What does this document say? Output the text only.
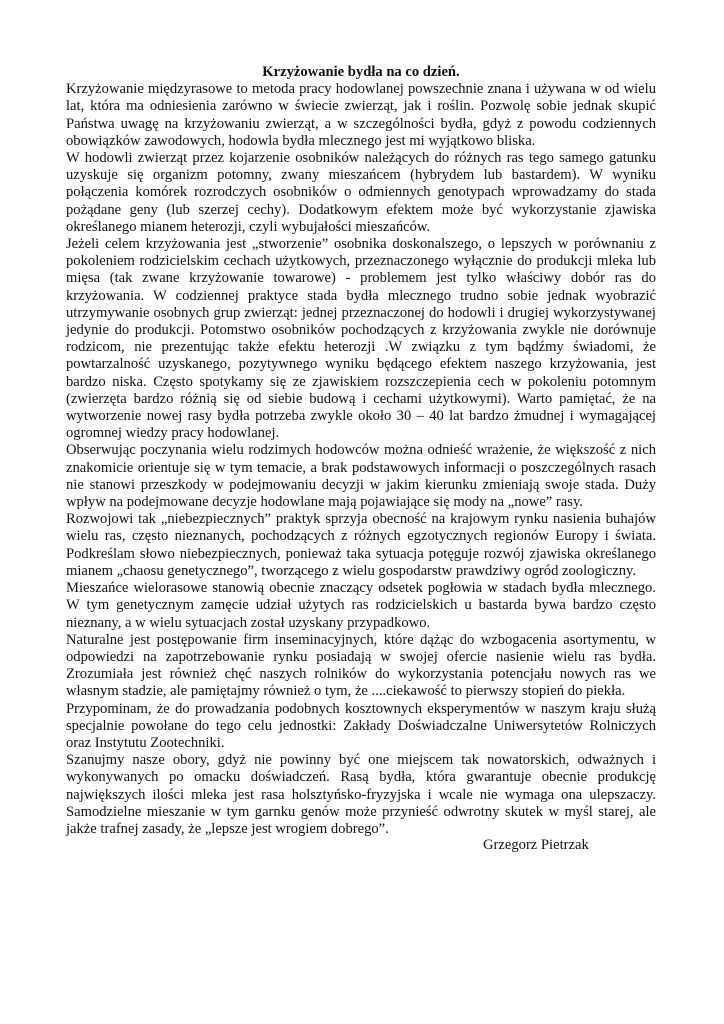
Krzyżowanie bydła na co dzień.

Krzyżowanie międzyrasowe to metoda pracy hodowlanej powszechnie znana i używana w od wielu lat, która ma odniesienia zarówno w świecie zwierząt, jak i roślin. Pozwolę sobie jednak skupić Państwa uwagę na krzyżowaniu zwierząt, a w szczególności bydła, gdyż z powodu codziennych obowiązków zawodowych, hodowla bydła mlecznego jest mi wyjątkowo bliska.

W hodowli zwierząt przez kojarzenie osobników należących do różnych ras tego samego gatunku uzyskuje się organizm potomny, zwany mieszańcem (hybrydem lub bastardem). W wyniku połączenia komórek rozrodczych osobników o odmiennych genotypach wprowadzamy do stada pożądane geny (lub szerzej cechy). Dodatkowym efektem może być wykorzystanie zjawiska określanego mianem heterozji, czyli wybujałości mieszańców.

Jeżeli celem krzyżowania jest „stworzenie” osobnika doskonalszego, o lepszych w porównaniu z pokoleniem rodzicielskim cechach użytkowych, przeznaczonego wyłącznie do produkcji mleka lub mięsa (tak zwane krzyżowanie towarowe) - problemem jest tylko właściwy dobór ras do krzyżowania. W codziennej praktyce stada bydła mlecznego trudno sobie jednak wyobrazić utrzymywanie osobnych grup zwierząt: jednej przeznaczonej do hodowli i drugiej wykorzystywanej jedynie do produkcji. Potomstwo osobników pochodzących z krzyżowania zwykle nie dorównuje rodzicom, nie prezentując także efektu heterozji .W związku z tym bądźmy świadomi, że powtarzalność uzyskanego, pozytywnego wyniku będącego efektem naszego krzyżowania, jest bardzo niska. Często spotykamy się ze zjawiskiem rozszczepienia cech w pokoleniu potomnym (zwierzęta bardzo różnią się od siebie budową i cechami użytkowymi). Warto pamiętać, że na wytworzenie nowej rasy bydła potrzeba zwykle około 30 – 40 lat bardzo żmudnej i wymagającej ogromnej wiedzy pracy hodowlanej.

Obserwując poczynania wielu rodzimych hodowców można odnieść wrażenie, że większość z nich znakomicie orientuje się w tym temacie, a brak podstawowych informacji o poszczególnych rasach nie stanowi przeszkody w podejmowaniu decyzji w jakim kierunku zmieniają swoje stada. Duży wpływ na podejmowane decyzje hodowlane mają pojawiające się mody na „nowe” rasy.

Rozwojowi tak „niebezpiecznych” praktyk sprzyja obecność na krajowym rynku nasienia buhajów wielu ras, często nieznanych, pochodzących z różnych egzotycznych regionów Europy i świata. Podkreślam słowo niebezpiecznych, ponieważ taka sytuacja potęguje rozwój zjawiska określanego mianem „chaosu genetycznego”, tworzącego z wielu gospodarstw prawdziwy ogród zoologiczny.

Mieszańce wielorasowe stanowią obecnie znaczący odsetek pogłowia w stadach bydła mlecznego. W tym genetycznym zamęcie udział użytych ras rodzicielskich u bastarda bywa bardzo często nieznany, a w wielu sytuacjach został uzyskany przypadkowo.

Naturalne jest postępowanie firm inseminacyjnych, które dążąc do wzbogacenia asortymentu, w odpowiedzi na zapotrzebowanie rynku posiadają w swojej ofercie nasienie wielu ras bydła. Zrozumiała jest również chęć naszych rolników do wykorzystania potencjału nowych ras we własnym stadzie, ale pamiętajmy również o tym, że ....ciekawość to pierwszy stopień do piekła.

Przypominam, że do prowadzania podobnych kosztownych eksperymentów w naszym kraju służą specjalnie powołane do tego celu jednostki: Zakłady Doświadczalne Uniwersytetów Rolniczych oraz Instytutu Zootechniki.

Szanujmy nasze obory, gdyż nie powinny być one miejscem tak nowatorskich, odważnych i wykonywanych po omacku doświadczeń. Rasą bydła, która gwarantuje obecnie produkcję największych ilości mleka jest rasa holsztyńsko-fryzyjska i wcale nie wymaga ona ulepszaczy. Samodzielne mieszanie w tym garnku genów może przynieść odwrotny skutek w myśl starej, ale jakże trafnej zasady, że „lepsze jest wrogiem dobrego”.

Grzegorz Pietrzak
